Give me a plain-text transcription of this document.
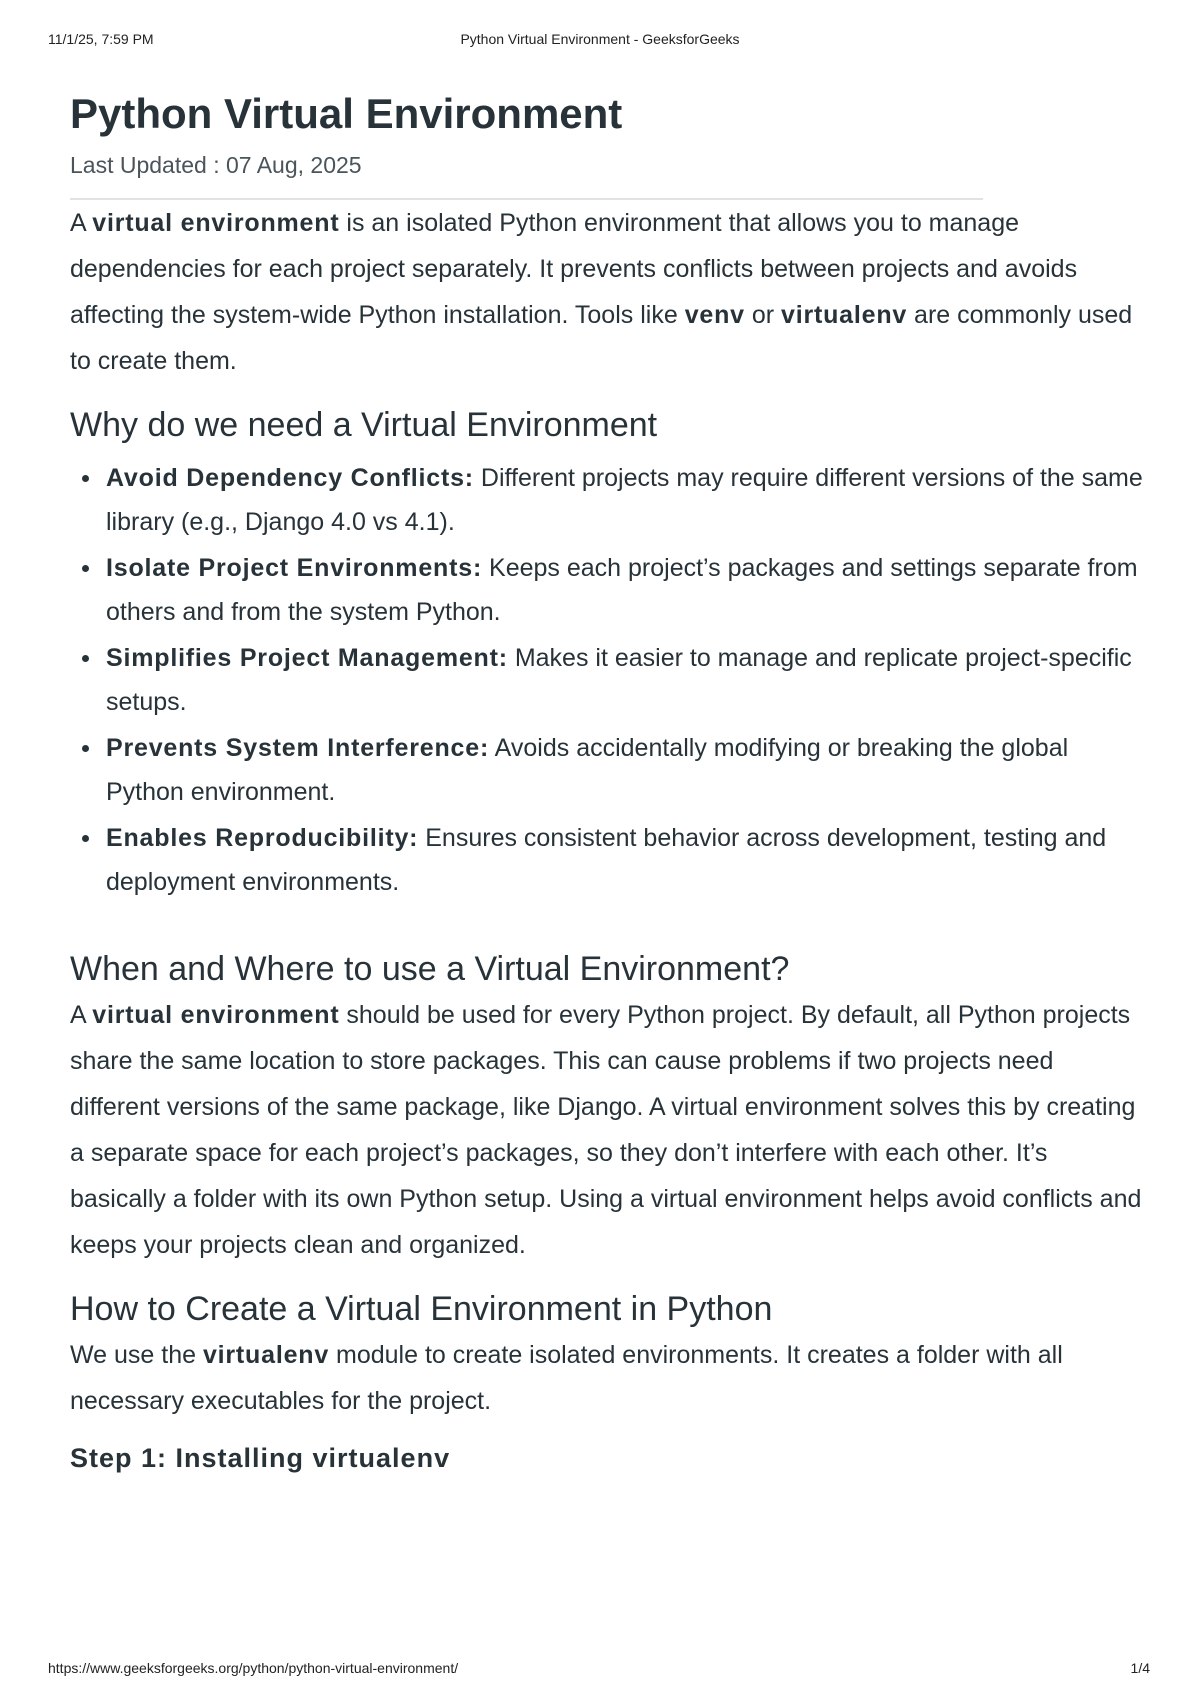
11/1/25, 7:59 PM	Python Virtual Environment - GeeksforGeeks
Python Virtual Environment
Last Updated : 07 Aug, 2025

A virtual environment is an isolated Python environment that allows you to manage dependencies for each project separately. It prevents conflicts between projects and avoids affecting the system-wide Python installation. Tools like venv or virtualenv are commonly used to create them.

Why do we need a Virtual Environment
Avoid Dependency Conflicts: Different projects may require different versions of the same library (e.g., Django 4.0 vs 4.1).
Isolate Project Environments: Keeps each project’s packages and settings separate from others and from the system Python.
Simplifies Project Management: Makes it easier to manage and replicate project-specific setups.
Prevents System Interference: Avoids accidentally modifying or breaking the global Python environment.
Enables Reproducibility: Ensures consistent behavior across development, testing and deployment environments.
When and Where to use a Virtual Environment?

A virtual environment should be used for every Python project. By default, all Python projects share the same location to store packages. This can cause problems if two projects need different versions of the same package, like Django. A virtual environment solves this by creating a separate space for each project’s packages, so they don’t interfere with each other. It’s basically a folder with its own Python setup. Using a virtual environment helps avoid conflicts and keeps your projects clean and organized.

How to Create a Virtual Environment in Python

We use the virtualenv module to create isolated environments. It creates a folder with all necessary executables for the project.

Step 1: Installing virtualenv
https://www.geeksforgeeks.org/python/python-virtual-environment/	1/4
